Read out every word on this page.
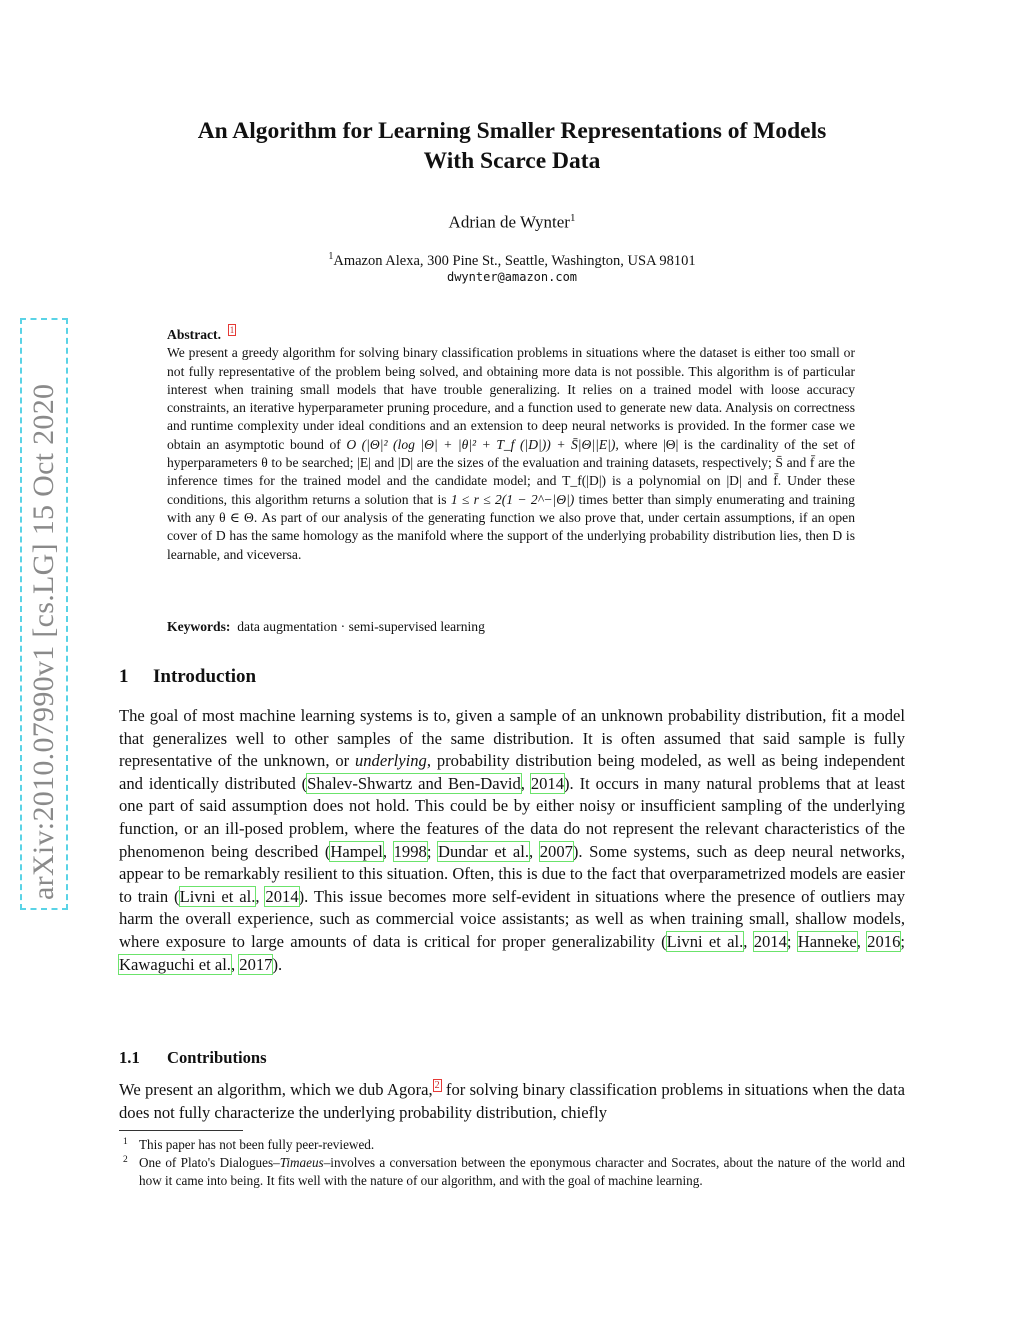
arXiv:2010.07990v1 [cs.LG] 15 Oct 2020
An Algorithm for Learning Smaller Representations of Models
With Scarce Data
Adrian de Wynter$^1$
$^1$Amazon Alexa, 300 Pine St., Seattle, Washington, USA 98101
dwynter@amazon.com
Abstract. $^1$
We present a greedy algorithm for solving binary classification problems in situations where the dataset is either too small or not fully representative of the problem being solved, and obtaining more data is not possible. This algorithm is of particular interest when training small models that have trouble generalizing. It relies on a trained model with loose accuracy constraints, an iterative hyperparameter pruning procedure, and a function used to generate new data. Analysis on correctness and runtime complexity under ideal conditions and an extension to deep neural networks is provided. In the former case we obtain an asymptotic bound of O (|Θ|² (log |Θ| + |θ|² + T_f (|D|)) + S̄|Θ||E|), where |Θ| is the cardinality of the set of hyperparameters θ to be searched; |E| and |D| are the sizes of the evaluation and training datasets, respectively; S̄ and f̄ are the inference times for the trained model and the candidate model; and T_f(|D|) is a polynomial on |D| and f̄. Under these conditions, this algorithm returns a solution that is 1 ≤ r ≤ 2(1 − 2^−|Θ|) times better than simply enumerating and training with any θ ∈ Θ. As part of our analysis of the generating function we also prove that, under certain assumptions, if an open cover of D has the same homology as the manifold where the support of the underlying probability distribution lies, then D is learnable, and viceversa.
Keywords: data augmentation · semi-supervised learning
1 Introduction
The goal of most machine learning systems is to, given a sample of an unknown probability distribution, fit a model that generalizes well to other samples of the same distribution. It is often assumed that said sample is fully representative of the unknown, or underlying, probability distribution being modeled, as well as being independent and identically distributed (Shalev-Shwartz and Ben-David, 2014). It occurs in many natural problems that at least one part of said assumption does not hold. This could be by either noisy or insufficient sampling of the underlying function, or an ill-posed problem, where the features of the data do not represent the relevant characteristics of the phenomenon being described (Hampel, 1998; Dundar et al., 2007). Some systems, such as deep neural networks, appear to be remarkably resilient to this situation. Often, this is due to the fact that overparametrized models are easier to train (Livni et al., 2014). This issue becomes more self-evident in situations where the presence of outliers may harm the overall experience, such as commercial voice assistants; as well as when training small, shallow models, where exposure to large amounts of data is critical for proper generalizability (Livni et al., 2014; Hanneke, 2016; Kawaguchi et al., 2017).
1.1 Contributions
We present an algorithm, which we dub Agora, $^2$ for solving binary classification problems in situations when the data does not fully characterize the underlying probability distribution, chiefly
1 This paper has not been fully peer-reviewed.
2 One of Plato's Dialogues–Timaeus–involves a conversation between the eponymous character and Socrates, about the nature of the world and how it came into being. It fits well with the nature of our algorithm, and with the goal of machine learning.
